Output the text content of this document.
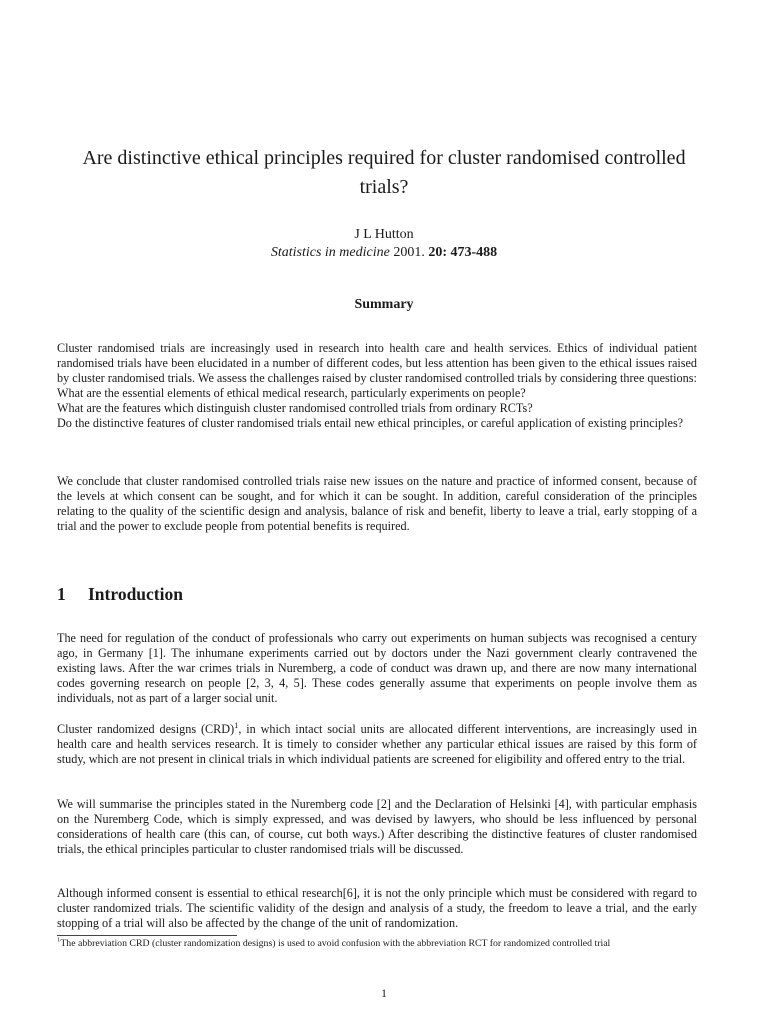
Are distinctive ethical principles required for cluster randomised controlled trials?
J L Hutton
Statistics in medicine 2001. 20: 473-488
Summary
Cluster randomised trials are increasingly used in research into health care and health services. Ethics of individual patient randomised trials have been elucidated in a number of different codes, but less attention has been given to the ethical issues raised by cluster randomised trials. We assess the challenges raised by cluster randomised controlled trials by considering three questions:
What are the essential elements of ethical medical research, particularly experiments on people?
What are the features which distinguish cluster randomised controlled trials from ordinary RCTs?
Do the distinctive features of cluster randomised trials entail new ethical principles, or careful application of existing principles?

We conclude that cluster randomised controlled trials raise new issues on the nature and practice of informed consent, because of the levels at which consent can be sought, and for which it can be sought. In addition, careful consideration of the principles relating to the quality of the scientific design and analysis, balance of risk and benefit, liberty to leave a trial, early stopping of a trial and the power to exclude people from potential benefits is required.

1 Introduction

The need for regulation of the conduct of professionals who carry out experiments on human subjects was recognised a century ago, in Germany [1]. The inhumane experiments carried out by doctors under the Nazi government clearly contravened the existing laws. After the war crimes trials in Nuremberg, a code of conduct was drawn up, and there are now many international codes governing research on people [2, 3, 4, 5]. These codes generally assume that experiments on people involve them as individuals, not as part of a larger social unit.

Cluster randomized designs (CRD)$^1$, in which intact social units are allocated different interventions, are increasingly used in health care and health services research. It is timely to consider whether any particular ethical issues are raised by this form of study, which are not present in clinical trials in which individual patients are screened for eligibility and offered entry to the trial.

We will summarise the principles stated in the Nuremberg code [2] and the Declaration of Helsinki [4], with particular emphasis on the Nuremberg Code, which is simply expressed, and was devised by lawyers, who should be less influenced by personal considerations of health care (this can, of course, cut both ways.) After describing the distinctive features of cluster randomised trials, the ethical principles particular to cluster randomised trials will be discussed.

Although informed consent is essential to ethical research[6], it is not the only principle which must be considered with regard to cluster randomized trials. The scientific validity of the design and analysis of a study, the freedom to leave a trial, and the early stopping of a trial will also be affected by the change of the unit of randomization.

$^1$The abbreviation CRD (cluster randomization designs) is used to avoid confusion with the abbreviation RCT for randomized controlled trial
1
